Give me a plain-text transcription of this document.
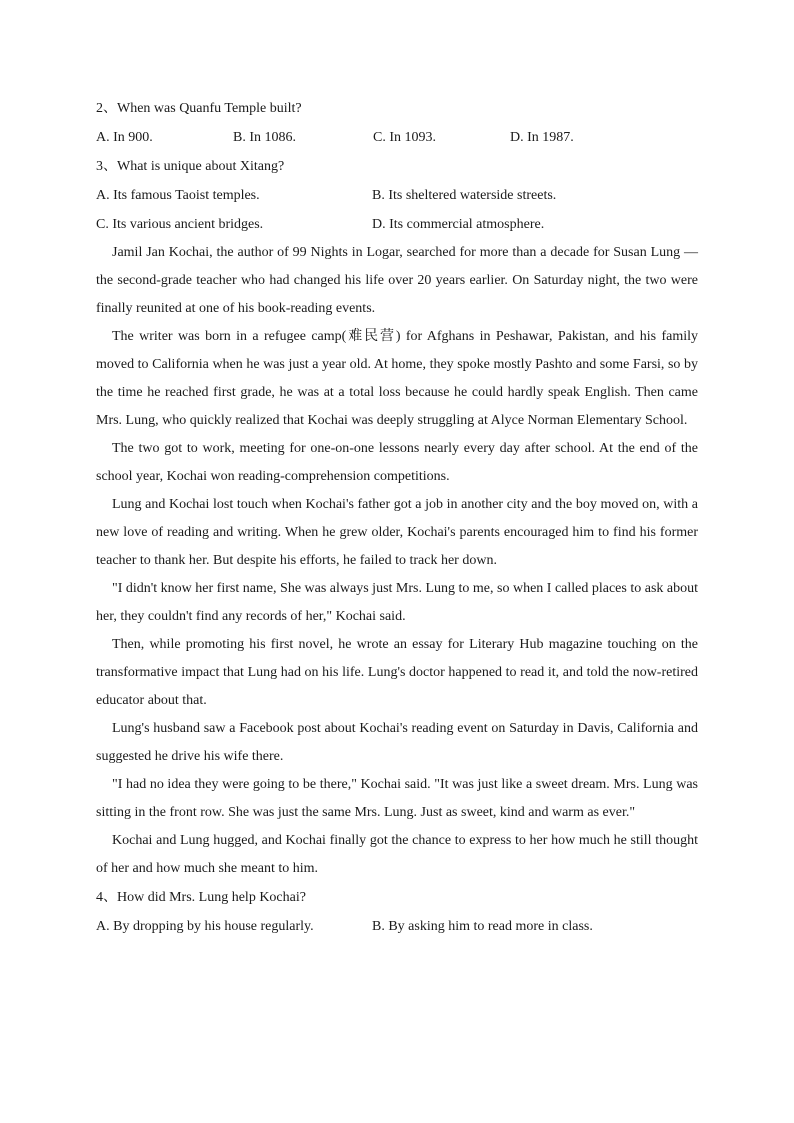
2、When was Quanfu Temple built?
A. In 900.	B. In 1086.	C. In 1093.	D. In 1987.
3、What is unique about Xitang?
A. Its famous Taoist temples.	B. Its sheltered waterside streets.
C. Its various ancient bridges.	D. Its commercial atmosphere.

Jamil Jan Kochai, the author of 99 Nights in Logar, searched for more than a decade for Susan Lung — the second-grade teacher who had changed his life over 20 years earlier. On Saturday night, the two were finally reunited at one of his book-reading events.

The writer was born in a refugee camp(难民营) for Afghans in Peshawar, Pakistan, and his family moved to California when he was just a year old. At home, they spoke mostly Pashto and some Farsi, so by the time he reached first grade, he was at a total loss because he could hardly speak English. Then came Mrs. Lung, who quickly realized that Kochai was deeply struggling at Alyce Norman Elementary School.

The two got to work, meeting for one-on-one lessons nearly every day after school. At the end of the school year, Kochai won reading-comprehension competitions.

Lung and Kochai lost touch when Kochai's father got a job in another city and the boy moved on, with a new love of reading and writing. When he grew older, Kochai's parents encouraged him to find his former teacher to thank her. But despite his efforts, he failed to track her down.

"I didn't know her first name, She was always just Mrs. Lung to me, so when I called places to ask about her, they couldn't find any records of her," Kochai said.

Then, while promoting his first novel, he wrote an essay for Literary Hub magazine touching on the transformative impact that Lung had on his life. Lung's doctor happened to read it, and told the now-retired educator about that.

Lung's husband saw a Facebook post about Kochai's reading event on Saturday in Davis, California and suggested he drive his wife there.

"I had no idea they were going to be there," Kochai said. "It was just like a sweet dream. Mrs. Lung was sitting in the front row. She was just the same Mrs. Lung. Just as sweet, kind and warm as ever."

Kochai and Lung hugged, and Kochai finally got the chance to express to her how much he still thought of her and how much she meant to him.

4、How did Mrs. Lung help Kochai?
A. By dropping by his house regularly.	B. By asking him to read more in class.
